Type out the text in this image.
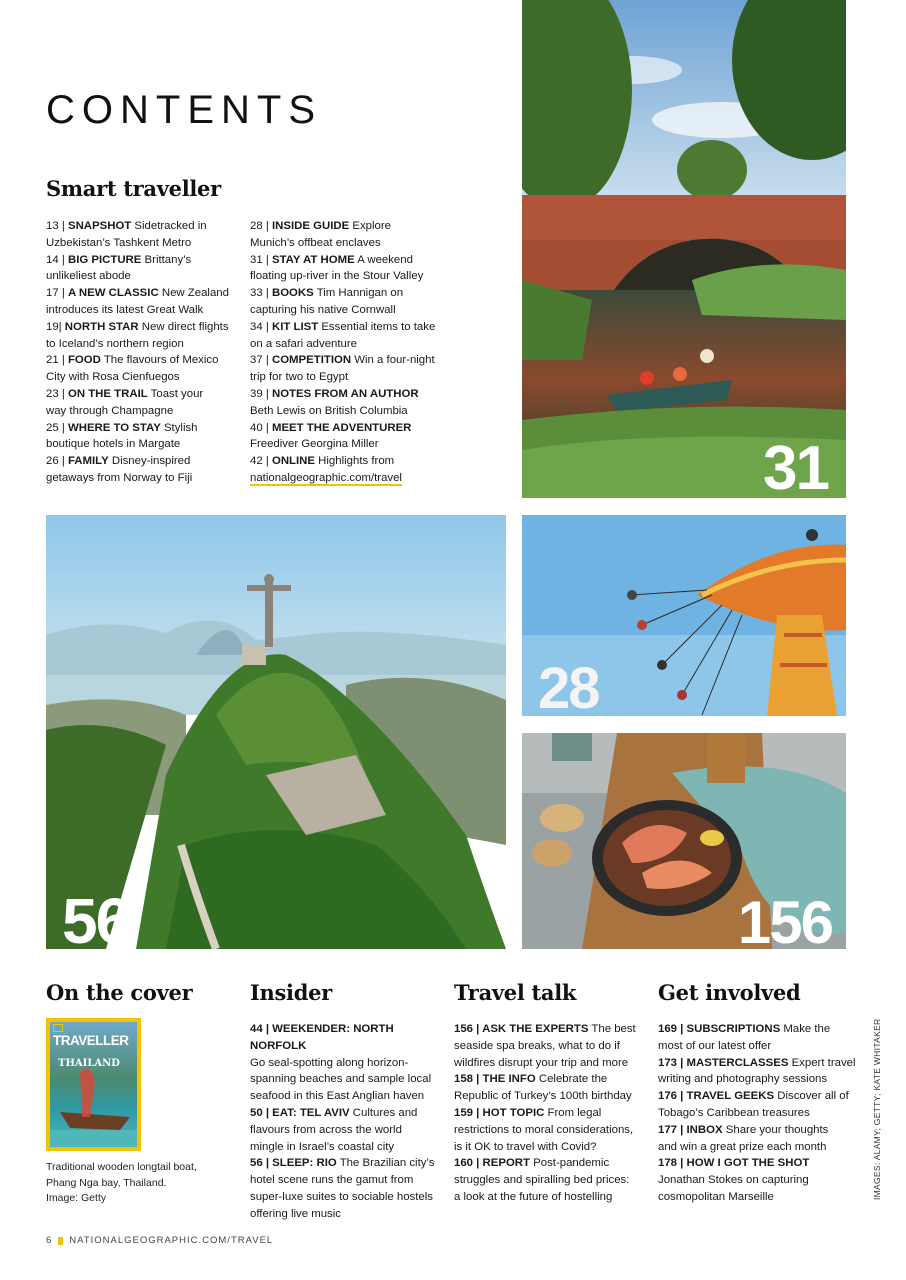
CONTENTS
Smart traveller
13 | SNAPSHOT Sidetracked in
Uzbekistan’s Tashkent Metro
14 | BIG PICTURE Brittany’s
unlikeliest abode
17 | A NEW CLASSIC New Zealand
introduces its latest Great Walk
19| NORTH STAR New direct flights
to Iceland’s northern region
21 | FOOD The flavours of Mexico
City with Rosa Cienfuegos
23 | ON THE TRAIL Toast your
way through Champagne
25 | WHERE TO STAY Stylish
boutique hotels in Margate
26 | FAMILY Disney-inspired
getaways from Norway to Fiji
28 | INSIDE GUIDE Explore
Munich’s offbeat enclaves
31 | STAY AT HOME A weekend
floating up-river in the Stour Valley
33 | BOOKS Tim Hannigan on
capturing his native Cornwall
34 | KIT LIST Essential items to take
on a safari adventure
37 | COMPETITION Win a four-night
trip for two to Egypt
39 | NOTES FROM AN AUTHOR
Beth Lewis on British Columbia
40 | MEET THE ADVENTURER
Freediver Georgina Miller
42 | ONLINE Highlights from
nationalgeographic.com/travel	31
56
28
156
On the cover
TRAVELLER
THAILAND
Traditional wooden longtail boat,
Phang Nga bay, Thailand.
Image: Getty
Insider
44 | WEEKENDER: NORTH NORFOLK
Go seal-spotting along horizon-
spanning beaches and sample local
seafood in this East Anglian haven
50 | EAT: TEL AVIV Cultures and
flavours from across the world
mingle in Israel’s coastal city
56 | SLEEP: RIO The Brazilian city’s
hotel scene runs the gamut from
super-luxe suites to sociable hostels
offering live music
Travel talk
156 | ASK THE EXPERTS The best
seaside spa breaks, what to do if
wildfires disrupt your trip and more
158 | THE INFO Celebrate the
Republic of Turkey’s 100th birthday
159 | HOT TOPIC From legal
restrictions to moral considerations,
is it OK to travel with Covid?
160 | REPORT Post-pandemic
struggles and spiralling bed prices:
a look at the future of hostelling
Get involved
169 | SUBSCRIPTIONS Make the
most of our latest offer
173 | MASTERCLASSES Expert travel
writing and photography sessions
176 | TRAVEL GEEKS Discover all of
Tobago’s Caribbean treasures
177 | INBOX Share your thoughts
and win a great prize each month
178 | HOW I GOT THE SHOT
Jonathan Stokes on capturing
cosmopolitan Marseille	IMAGES: ALAMY; GETTY; KATE WHITAKER
6 NATIONALGEOGRAPHIC.COM/TRAVEL
